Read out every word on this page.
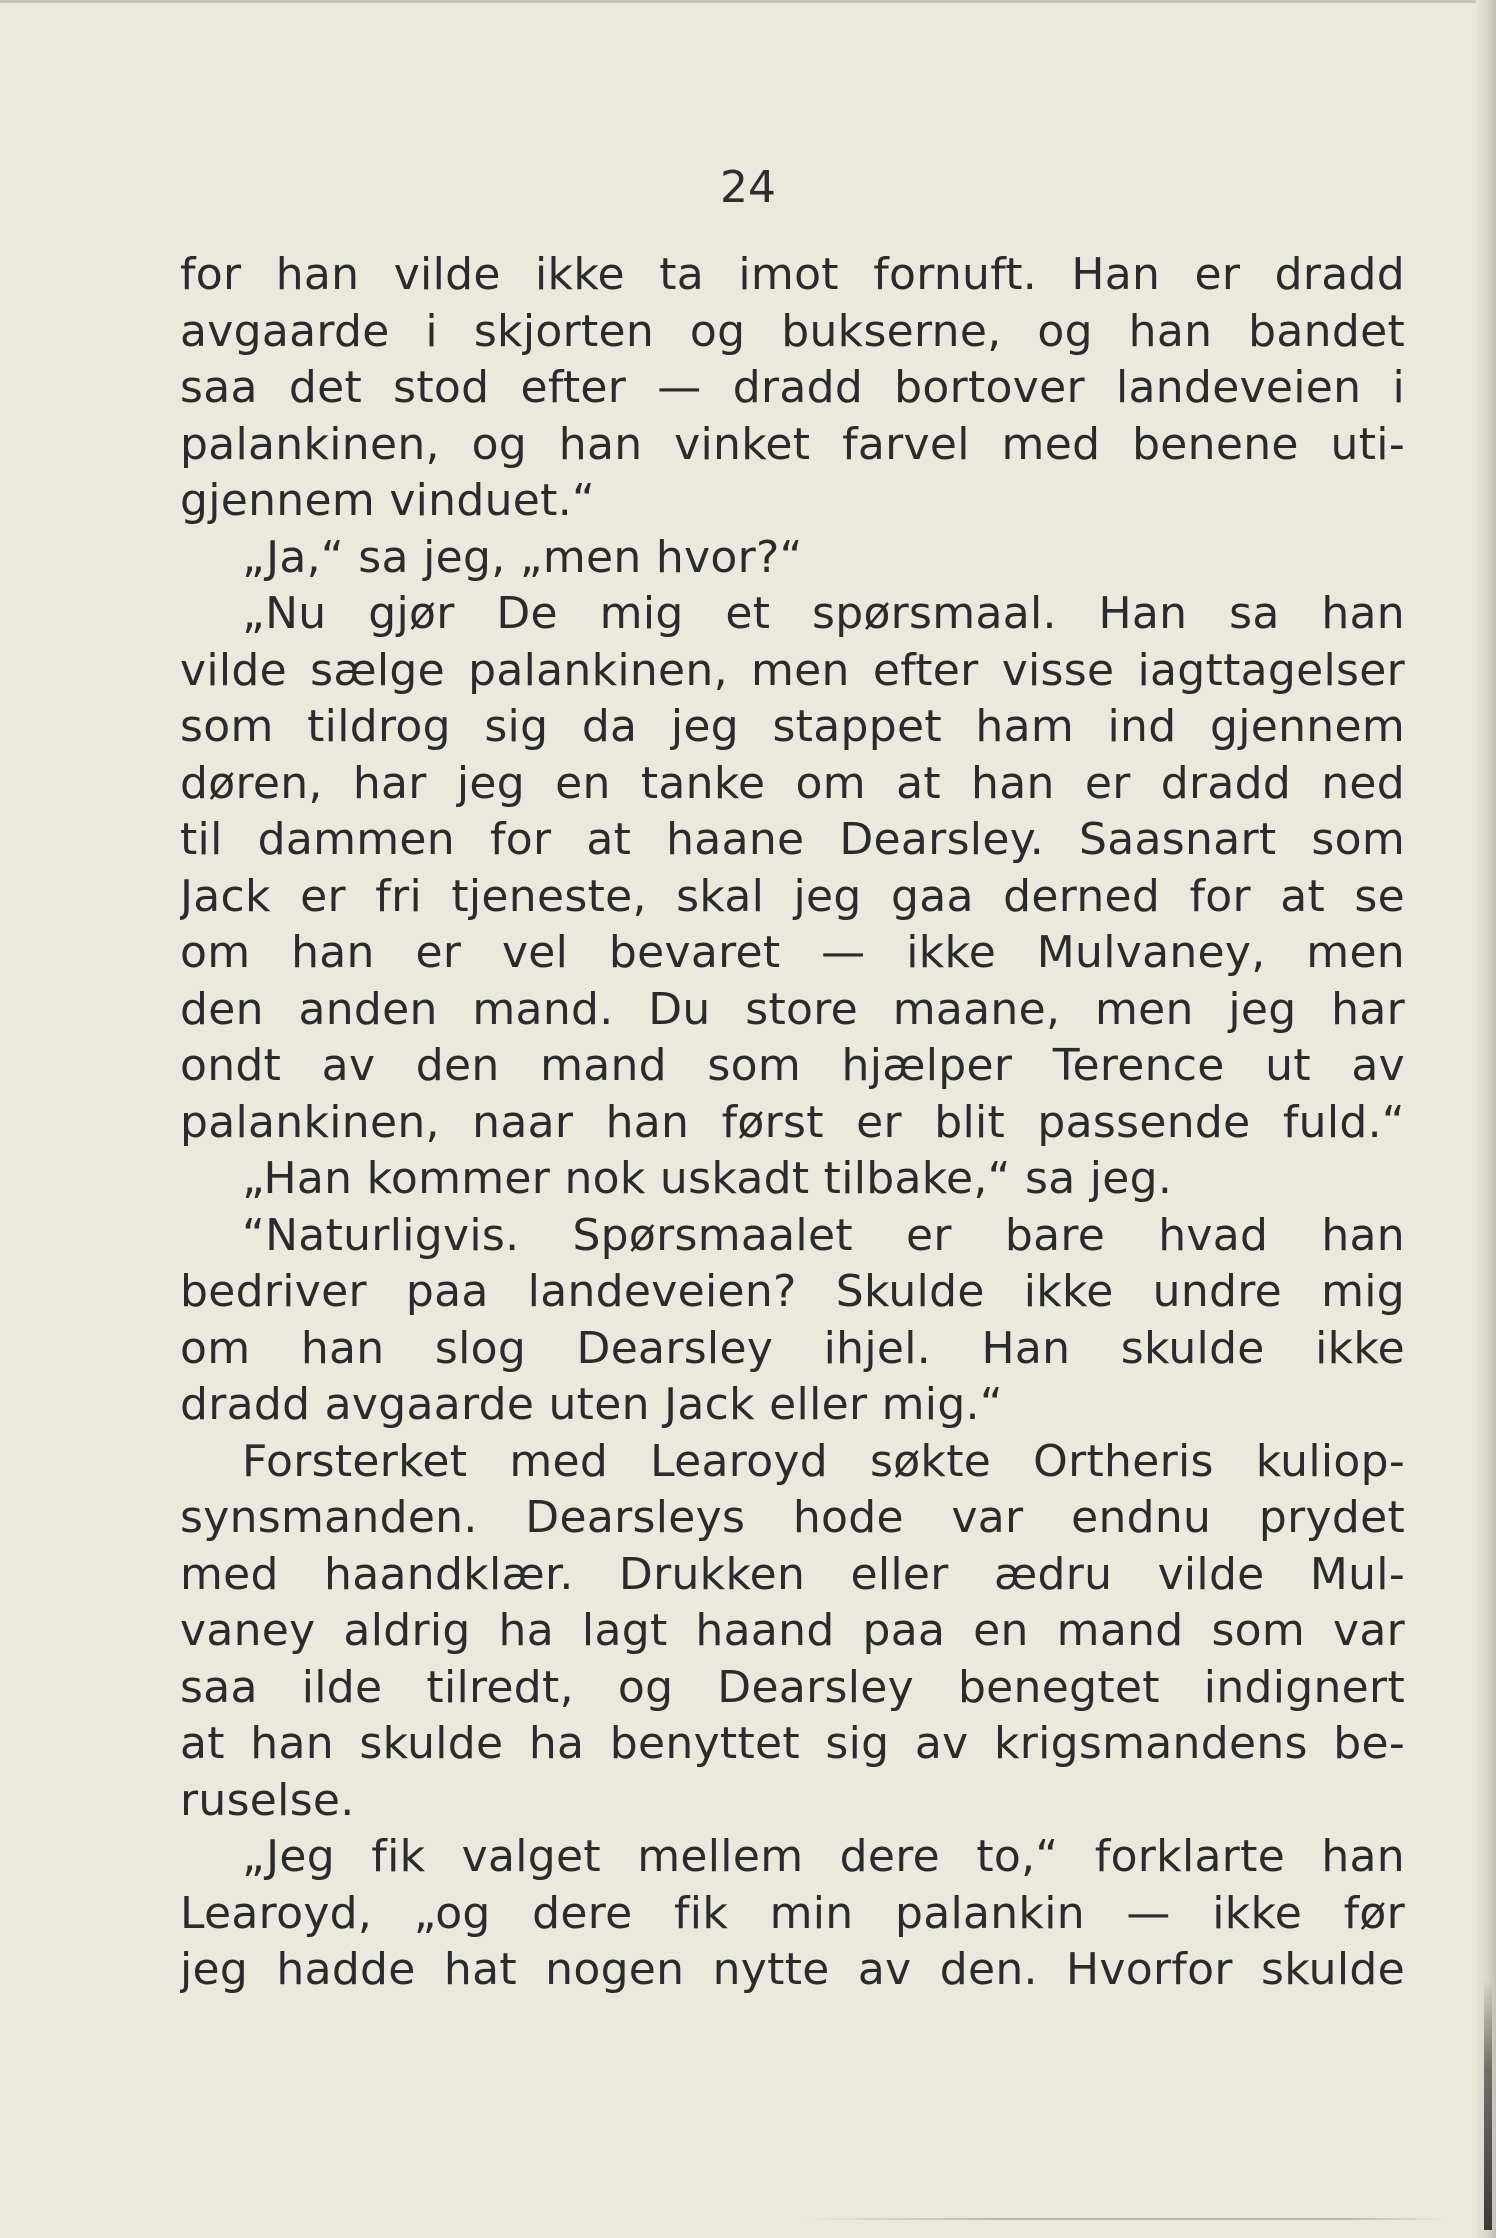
24
for han vilde ikke ta imot fornuft. Han er dradd
avgaarde i skjorten og bukserne, og han bandet
saa det stod efter — dradd bortover landeveien i
palankinen, og han vinket farvel med benene uti-
gjennem vinduet.“
„Ja,“ sa jeg, „men hvor?“
„Nu gjør De mig et spørsmaal. Han sa han
vilde sælge palankinen, men efter visse iagttagelser
som tildrog sig da jeg stappet ham ind gjennem
døren, har jeg en tanke om at han er dradd ned
til dammen for at haane Dearsley. Saasnart som
Jack er fri tjeneste, skal jeg gaa derned for at se
om han er vel bevaret — ikke Mulvaney, men
den anden mand. Du store maane, men jeg har
ondt av den mand som hjælper Terence ut av
palankinen, naar han først er blit passende fuld.“
„Han kommer nok uskadt tilbake,“ sa jeg.
“Naturligvis. Spørsmaalet er bare hvad han
bedriver paa landeveien? Skulde ikke undre mig
om han slog Dearsley ihjel. Han skulde ikke
dradd avgaarde uten Jack eller mig.“
Forsterket med Learoyd søkte Ortheris kuliop-
synsmanden. Dearsleys hode var endnu prydet
med haandklær. Drukken eller ædru vilde Mul-
vaney aldrig ha lagt haand paa en mand som var
saa ilde tilredt, og Dearsley benegtet indignert
at han skulde ha benyttet sig av krigsmandens be-
ruselse.
„Jeg fik valget mellem dere to,“ forklarte han
Learoyd, „og dere fik min palankin — ikke før
jeg hadde hat nogen nytte av den. Hvorfor skulde
